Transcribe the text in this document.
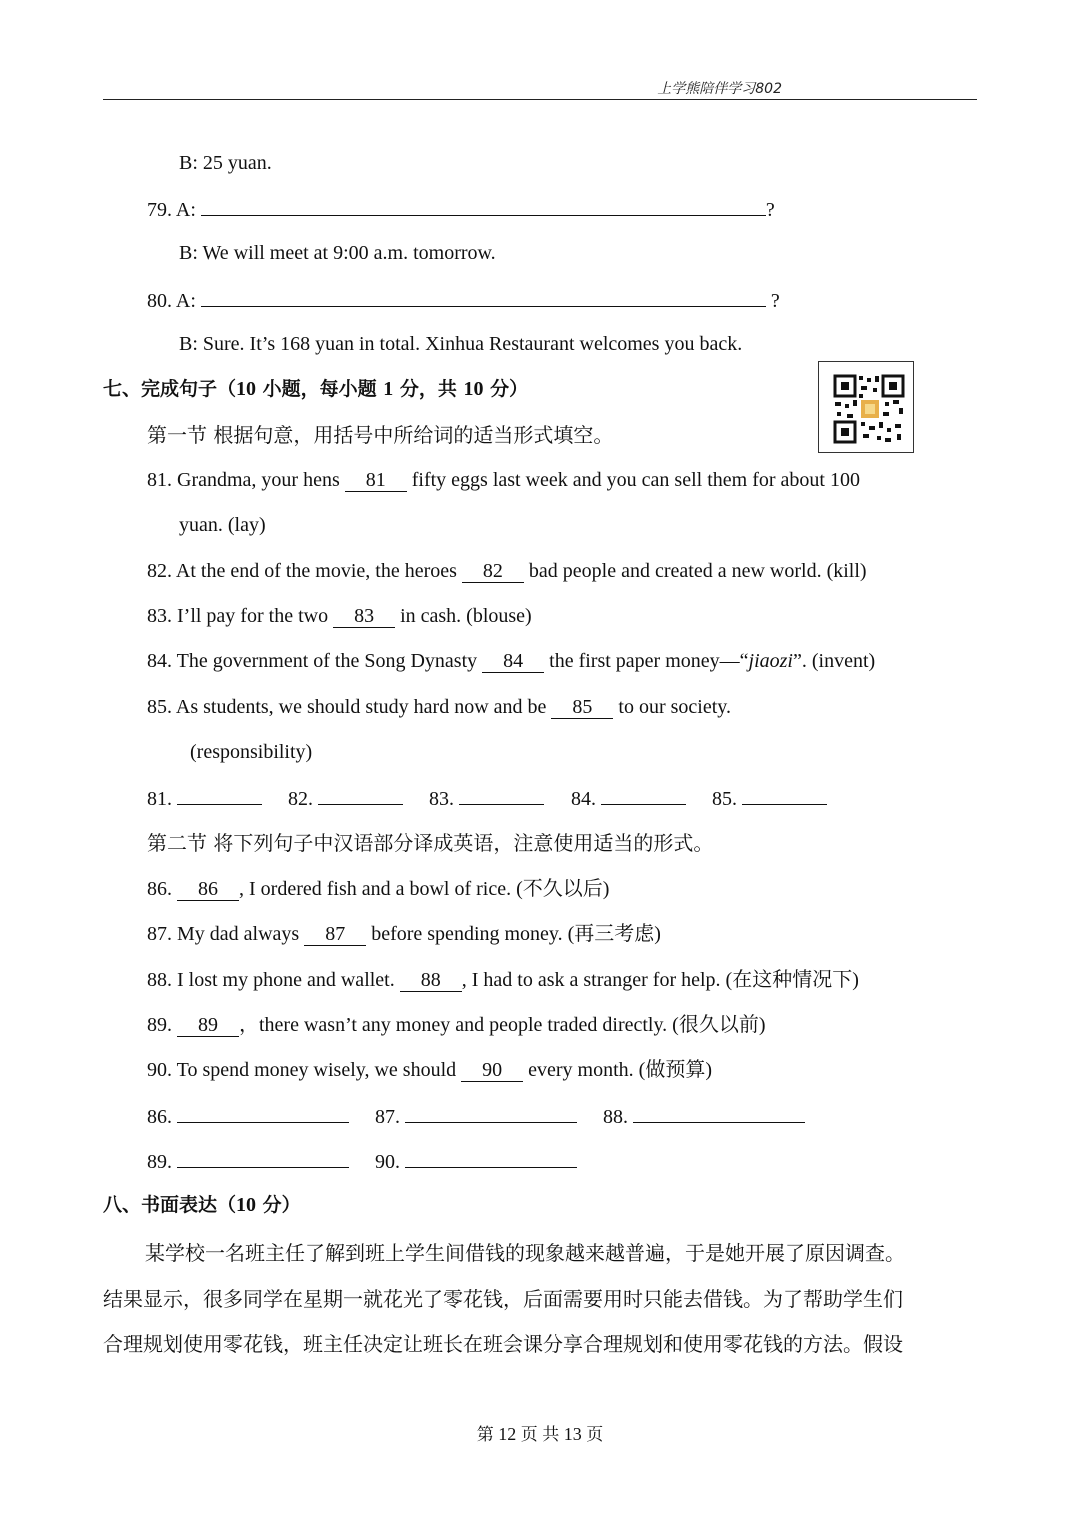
上学熊陪伴学习802
B: 25 yuan.
79. A:	?
B: We will meet at 9:00 a.m. tomorrow.
80. A:	?
B: Sure. It’s 168 yuan in total. Xinhua Restaurant welcomes you back.
七、完成句子（10 小题，每小题 1 分，共 10 分）
第一节 根据句意，用括号中所给词的适当形式填空。
81. Grandma, your hens 81 fifty eggs last week and you can sell them for about 100
yuan. (lay)
82. At the end of the movie, the heroes 82 bad people and created a new world. (kill)
83. I’ll pay for the two 83 in cash. (blouse)
84. The government of the Song Dynasty 84 the first paper money—“jiaozi”. (invent)
85. As students, we should study hard now and be 85 to our society.
(responsibility)
81.	82.	83.	84.	85.
第二节 将下列句子中汉语部分译成英语，注意使用适当的形式。
86. 86 , I ordered fish and a bowl of rice. (不久以后)
87. My dad always 87 before spending money. (再三考虑)
88. I lost my phone and wallet. 88 , I had to ask a stranger for help. (在这种情况下)
89. 89 ，there wasn’t any money and people traded directly. (很久以前)
90. To spend money wisely, we should 90 every month. (做预算)
86.	87.	88.
89.	90.
八、书面表达（10 分）
某学校一名班主任了解到班上学生间借钱的现象越来越普遍，于是她开展了原因调查。
结果显示，很多同学在星期一就花光了零花钱，后面需要用时只能去借钱。为了帮助学生们
合理规划使用零花钱，班主任决定让班长在班会课分享合理规划和使用零花钱的方法。假设
第 12 页 共 13 页
